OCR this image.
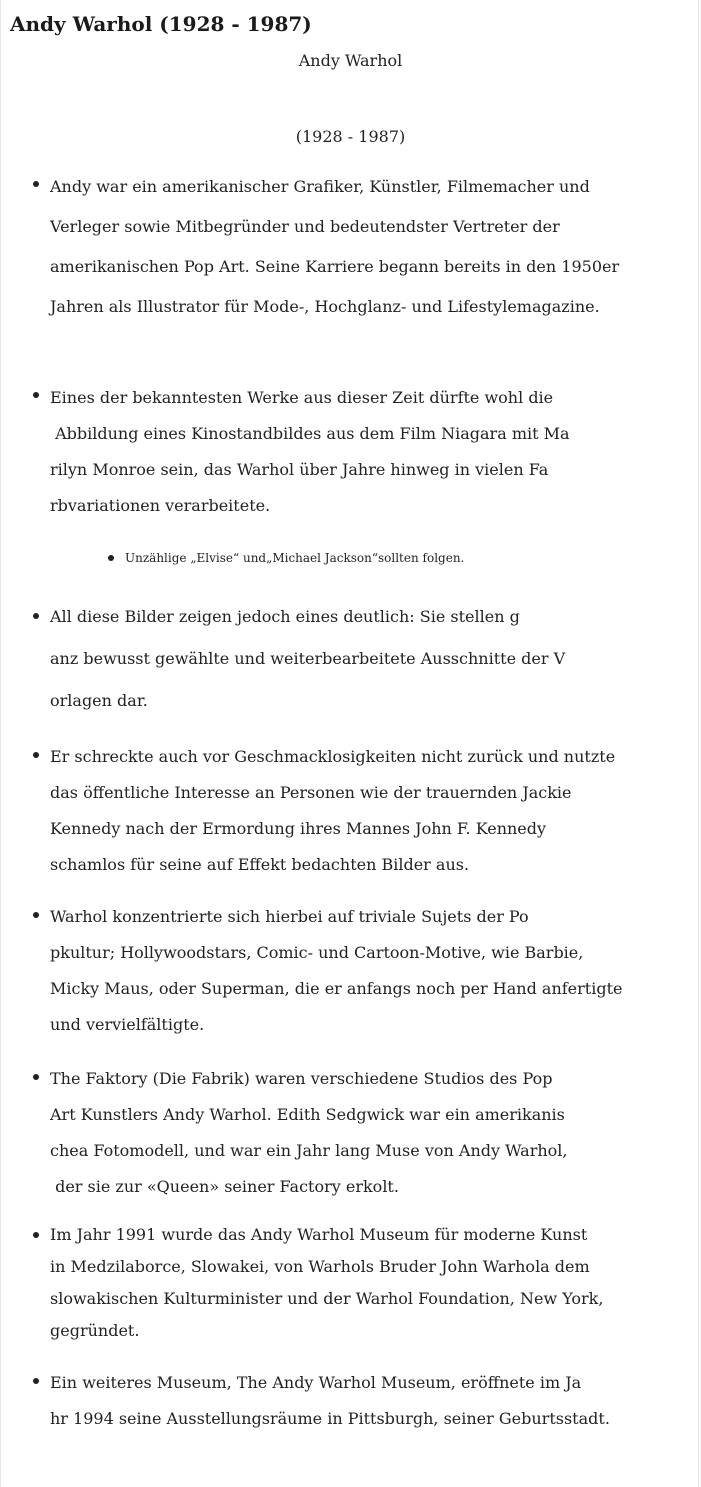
Andy Warhol (1928 - 1987)
Andy Warhol
(1928 - 1987)
Andy war ein amerikanischer Grafiker, Künstler, Filmemacher und
Verleger sowie Mitbegründer und bedeutendster Vertreter der
amerikanischen Pop Art. Seine Karriere begann bereits in den 1950er
Jahren als Illustrator für Mode-, Hochglanz- und Lifestylemagazine.
Eines der bekanntesten Werke aus dieser Zeit dürfte wohl die
Abbildung eines Kinostandbildes aus dem Film Niagara mit Ma
rilyn Monroe sein, das Warhol über Jahre hinweg in vielen Fa
rbvariationen verarbeitete.
Unzählige „Elvise“ und„Michael Jackson“sollten folgen.
All diese Bilder zeigen jedoch eines deutlich: Sie stellen g
anz bewusst gewählte und weiterbearbeitete Ausschnitte der V
orlagen dar.
Er schreckte auch vor Geschmacklosigkeiten nicht zurück und nutzte
das öffentliche Interesse an Personen wie der trauernden Jackie
Kennedy nach der Ermordung ihres Mannes John F. Kennedy
schamlos für seine auf Effekt bedachten Bilder aus.
Warhol konzentrierte sich hierbei auf triviale Sujets der Po
pkultur; Hollywoodstars, Comic- und Cartoon-Motive, wie Barbie,
Micky Maus, oder Superman, die er anfangs noch per Hand anfertigte
und vervielfältigte.
The Faktory (Die Fabrik) waren verschiedene Studios des Pop
Art Kunstlers Andy Warhol. Edith Sedgwick war ein amerikanis
chea Fotomodell, und war ein Jahr lang Muse von Andy Warhol,
der sie zur «Queen» seiner Factory erkolt.
Im Jahr 1991 wurde das Andy Warhol Museum für moderne Kunst
in Medzilaborce, Slowakei, von Warhols Bruder John Warhola dem
slowakischen Kulturminister und der Warhol Foundation, New York,
gegründet.
Ein weiteres Museum, The Andy Warhol Museum, eröffnete im Ja
hr 1994 seine Ausstellungsräume in Pittsburgh, seiner Geburtsstadt.
